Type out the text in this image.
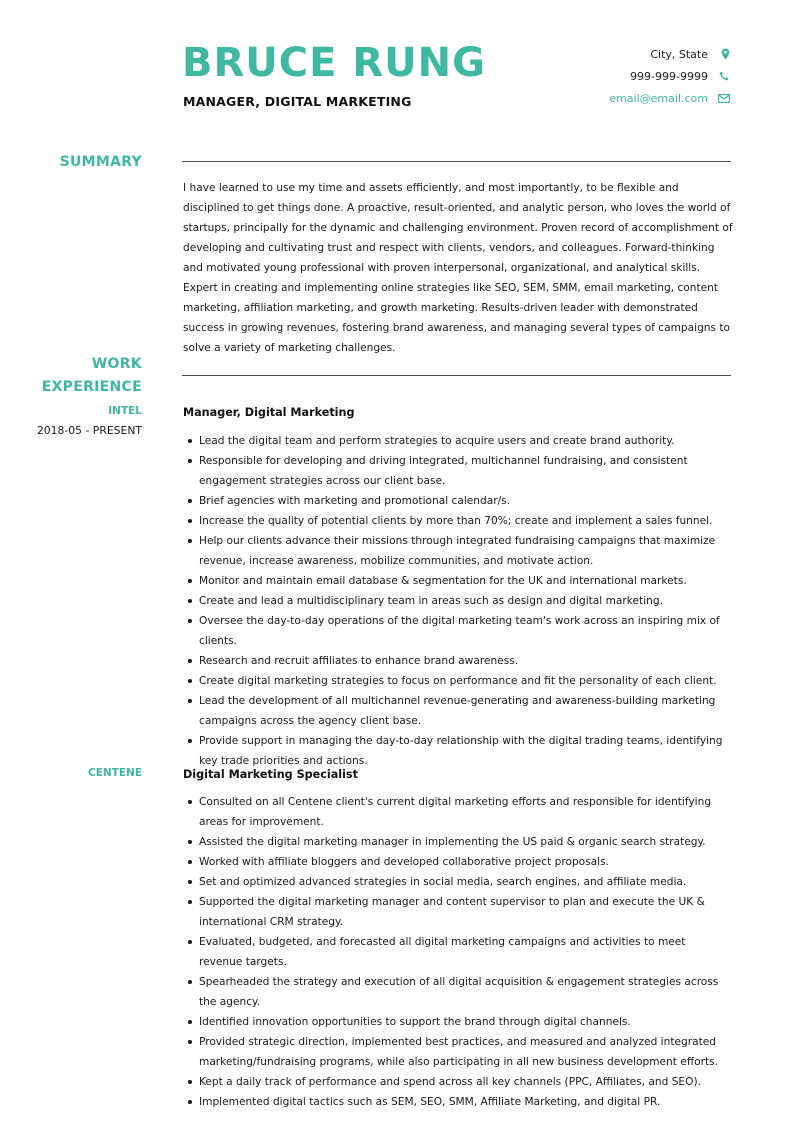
BRUCE RUNG
MANAGER, DIGITAL MARKETING
City, State
999-999-9999
email@email.com
SUMMARY

I have learned to use my time and assets efficiently, and most importantly, to be flexible and disciplined to get things done. A proactive, result-oriented, and analytic person, who loves the world of startups, principally for the dynamic and challenging environment. Proven record of accomplishment of developing and cultivating trust and respect with clients, vendors, and colleagues. Forward-thinking and motivated young professional with proven interpersonal, organizational, and analytical skills. Expert in creating and implementing online strategies like SEO, SEM, SMM, email marketing, content marketing, affiliation marketing, and growth marketing. Results-driven leader with demonstrated success in growing revenues, fostering brand awareness, and managing several types of campaigns to solve a variety of marketing challenges.

WORK
EXPERIENCE
INTEL
2018-05 - PRESENT
Manager, Digital Marketing
Lead the digital team and perform strategies to acquire users and create brand authority.
Responsible for developing and driving integrated, multichannel fundraising, and consistent engagement strategies across our client base.
Brief agencies with marketing and promotional calendar/s.
Increase the quality of potential clients by more than 70%; create and implement a sales funnel.
Help our clients advance their missions through integrated fundraising campaigns that maximize revenue, increase awareness, mobilize communities, and motivate action.
Monitor and maintain email database & segmentation for the UK and international markets.
Create and lead a multidisciplinary team in areas such as design and digital marketing.
Oversee the day-to-day operations of the digital marketing team's work across an inspiring mix of clients.
Research and recruit affiliates to enhance brand awareness.
Create digital marketing strategies to focus on performance and fit the personality of each client.
Lead the development of all multichannel revenue-generating and awareness-building marketing campaigns across the agency client base.
Provide support in managing the day-to-day relationship with the digital trading teams, identifying key trade priorities and actions.
CENTENE	Digital Marketing Specialist
Consulted on all Centene client's current digital marketing efforts and responsible for identifying areas for improvement.
Assisted the digital marketing manager in implementing the US paid & organic search strategy.
Worked with affiliate bloggers and developed collaborative project proposals.
Set and optimized advanced strategies in social media, search engines, and affiliate media.
Supported the digital marketing manager and content supervisor to plan and execute the UK & international CRM strategy.
Evaluated, budgeted, and forecasted all digital marketing campaigns and activities to meet revenue targets.
Spearheaded the strategy and execution of all digital acquisition & engagement strategies across the agency.
Identified innovation opportunities to support the brand through digital channels.
Provided strategic direction, implemented best practices, and measured and analyzed integrated marketing/fundraising programs, while also participating in all new business development efforts.
Kept a daily track of performance and spend across all key channels (PPC, Affiliates, and SEO).
Implemented digital tactics such as SEM, SEO, SMM, Affiliate Marketing, and digital PR.
